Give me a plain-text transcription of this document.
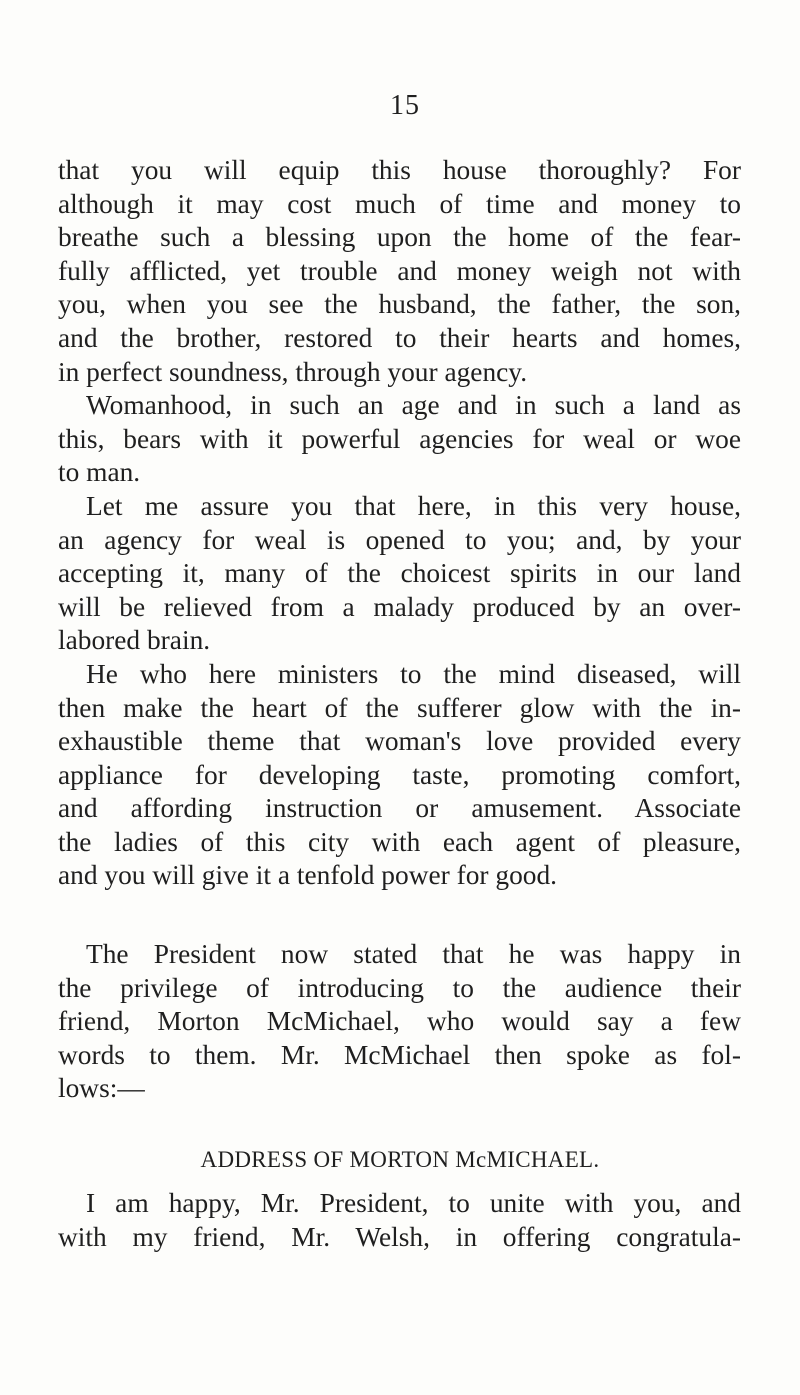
15
that you will equip this house thoroughly? For
although it may cost much of time and money to
breathe such a blessing upon the home of the fear-
fully afflicted, yet trouble and money weigh not with
you, when you see the husband, the father, the son,
and the brother, restored to their hearts and homes,
in perfect soundness, through your agency.
Womanhood, in such an age and in such a land as
this, bears with it powerful agencies for weal or woe
to man.
Let me assure you that here, in this very house,
an agency for weal is opened to you; and, by your
accepting it, many of the choicest spirits in our land
will be relieved from a malady produced by an over-
labored brain.
He who here ministers to the mind diseased, will
then make the heart of the sufferer glow with the in-
exhaustible theme that woman's love provided every
appliance for developing taste, promoting comfort,
and affording instruction or amusement. Associate
the ladies of this city with each agent of pleasure,
and you will give it a tenfold power for good.
The President now stated that he was happy in
the privilege of introducing to the audience their
friend, Morton McMichael, who would say a few
words to them. Mr. McMichael then spoke as fol-
lows:—
ADDRESS OF MORTON McMICHAEL.
I am happy, Mr. President, to unite with you, and
with my friend, Mr. Welsh, in offering congratula-
